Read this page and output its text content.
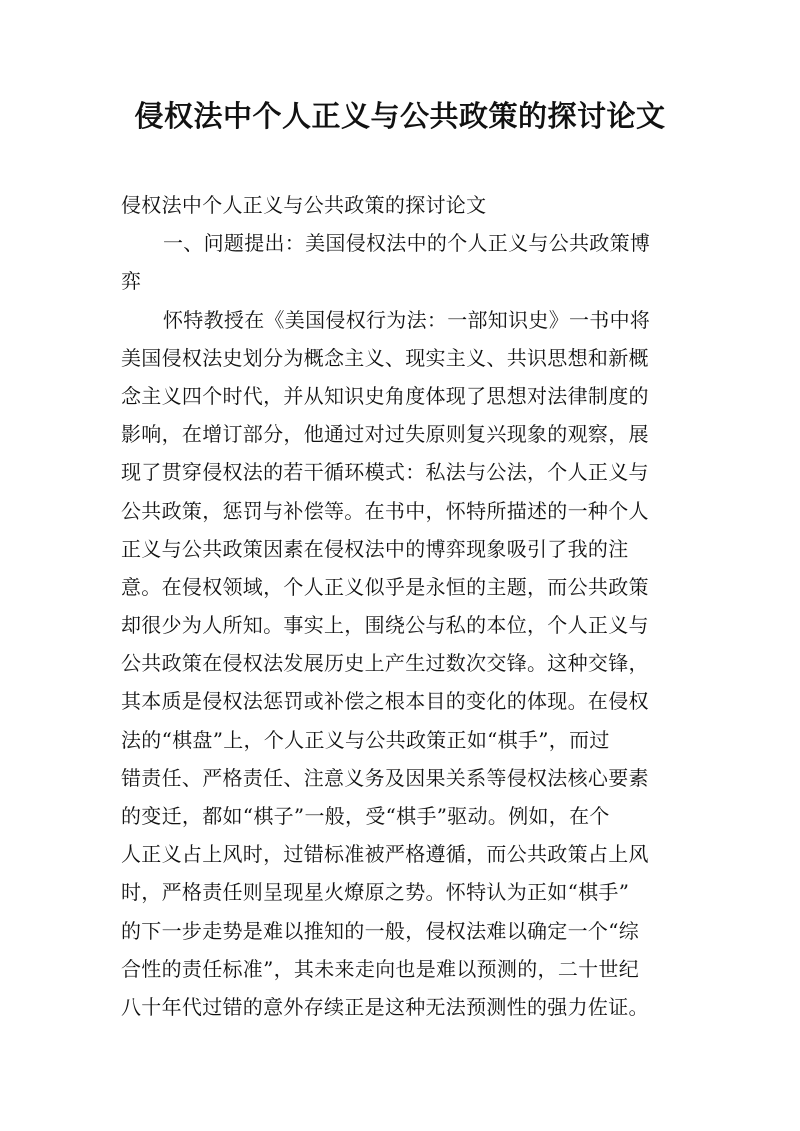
侵权法中个人正义与公共政策的探讨论文
侵权法中个人正义与公共政策的探讨论文
一、问题提出：美国侵权法中的个人正义与公共政策博
弈
怀特教授在《美国侵权行为法：一部知识史》一书中将
美国侵权法史划分为概念主义、现实主义、共识思想和新概
念主义四个时代，并从知识史角度体现了思想对法律制度的
影响，在增订部分，他通过对过失原则复兴现象的观察，展
现了贯穿侵权法的若干循环模式：私法与公法，个人正义与
公共政策，惩罚与补偿等。在书中，怀特所描述的一种个人
正义与公共政策因素在侵权法中的博弈现象吸引了我的注
意。在侵权领域，个人正义似乎是永恒的主题，而公共政策
却很少为人所知。事实上，围绕公与私的本位，个人正义与
公共政策在侵权法发展历史上产生过数次交锋。这种交锋，
其本质是侵权法惩罚或补偿之根本目的变化的体现。在侵权
法的“棋盘”上，个人正义与公共政策正如“棋手”，而过
错责任、严格责任、注意义务及因果关系等侵权法核心要素
的变迁，都如“棋子”一般，受“棋手”驱动。例如，在个
人正义占上风时，过错标准被严格遵循，而公共政策占上风
时，严格责任则呈现星火燎原之势。怀特认为正如“棋手”
的下一步走势是难以推知的一般，侵权法难以确定一个“综
合性的责任标准”，其未来走向也是难以预测的，二十世纪
八十年代过错的意外存续正是这种无法预测性的强力佐证。
